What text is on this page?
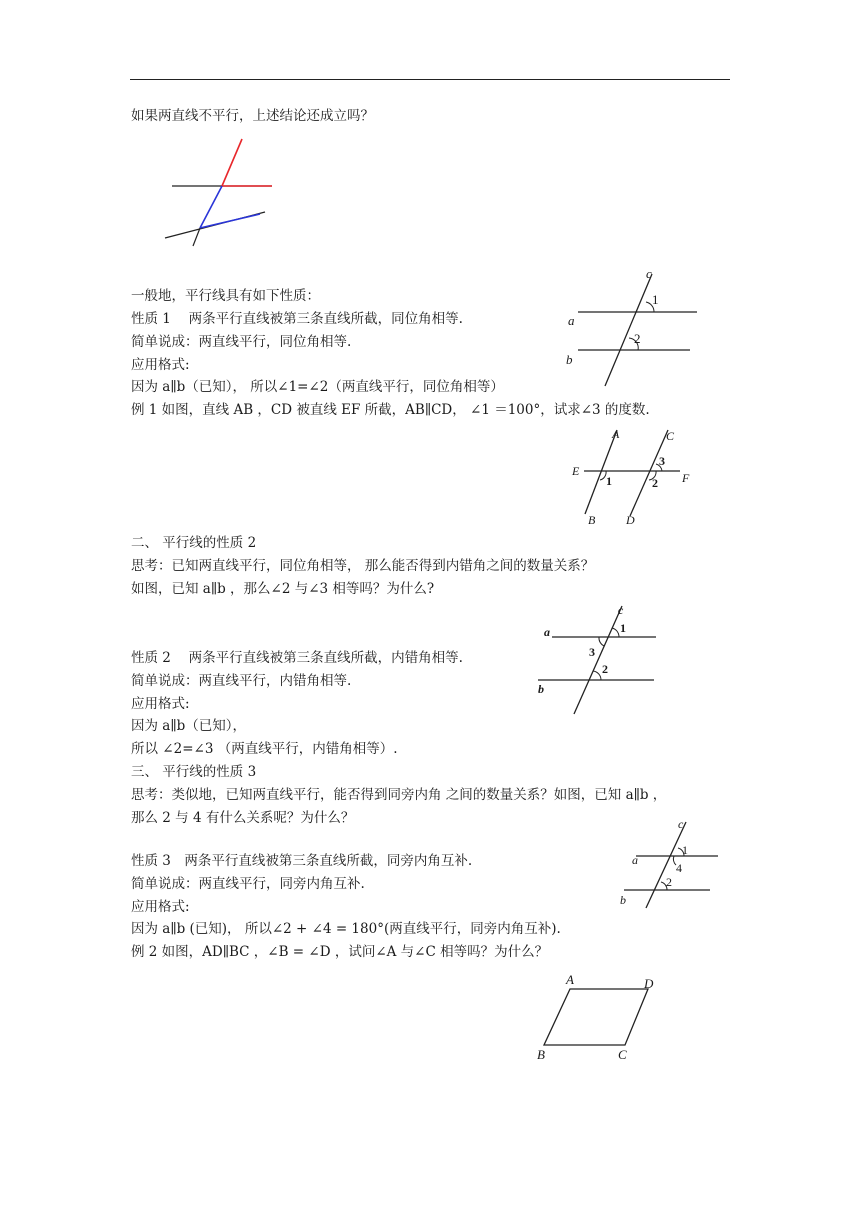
如果两直线不平行，上述结论还成立吗？
一般地，平行线具有如下性质：
性质 1　 两条平行直线被第三条直线所截，同位角相等.
简单说成：两直线平行，同位角相等.
应用格式:
因为 a∥b（已知）， 所以∠1=∠2（两直线平行，同位角相等）
例 1 如图，直线 AB ，CD 被直线 EF 所截，AB∥CD， ∠1 ＝100°，试求∠3 的度数.
c
a
b
1
2
A
B
C
D
E	F
1	2
3
二、 平行线的性质 2
思考：已知两直线平行，同位角相等， 那么能否得到内错角之间的数量关系？
如图，已知 a∥b ，那么∠2 与∠3 相等吗？为什么?
c
a
b
1
2
3
性质 2　 两条平行直线被第三条直线所截，内错角相等.
简单说成：两直线平行，内错角相等.
应用格式:
因为 a∥b（已知），
所以 ∠2=∠3 （两直线平行，内错角相等）.
三、 平行线的性质 3
思考：类似地，已知两直线平行，能否得到同旁内角 之间的数量关系？如图，已知 a∥b ，
那么 2 与 4 有什么关系呢？为什么？	c
a
b
1
4
2
性质 3　两条平行直线被第三条直线所截，同旁内角互补.
简单说成：两直线平行，同旁内角互补.
应用格式:
因为 a∥b (已知)， 所以∠2 + ∠4 = 180°(两直线平行，同旁内角互补).
例 2 如图，AD∥BC ，∠B = ∠D ，试问∠A 与∠C 相等吗？为什么？
A	D
B	C
